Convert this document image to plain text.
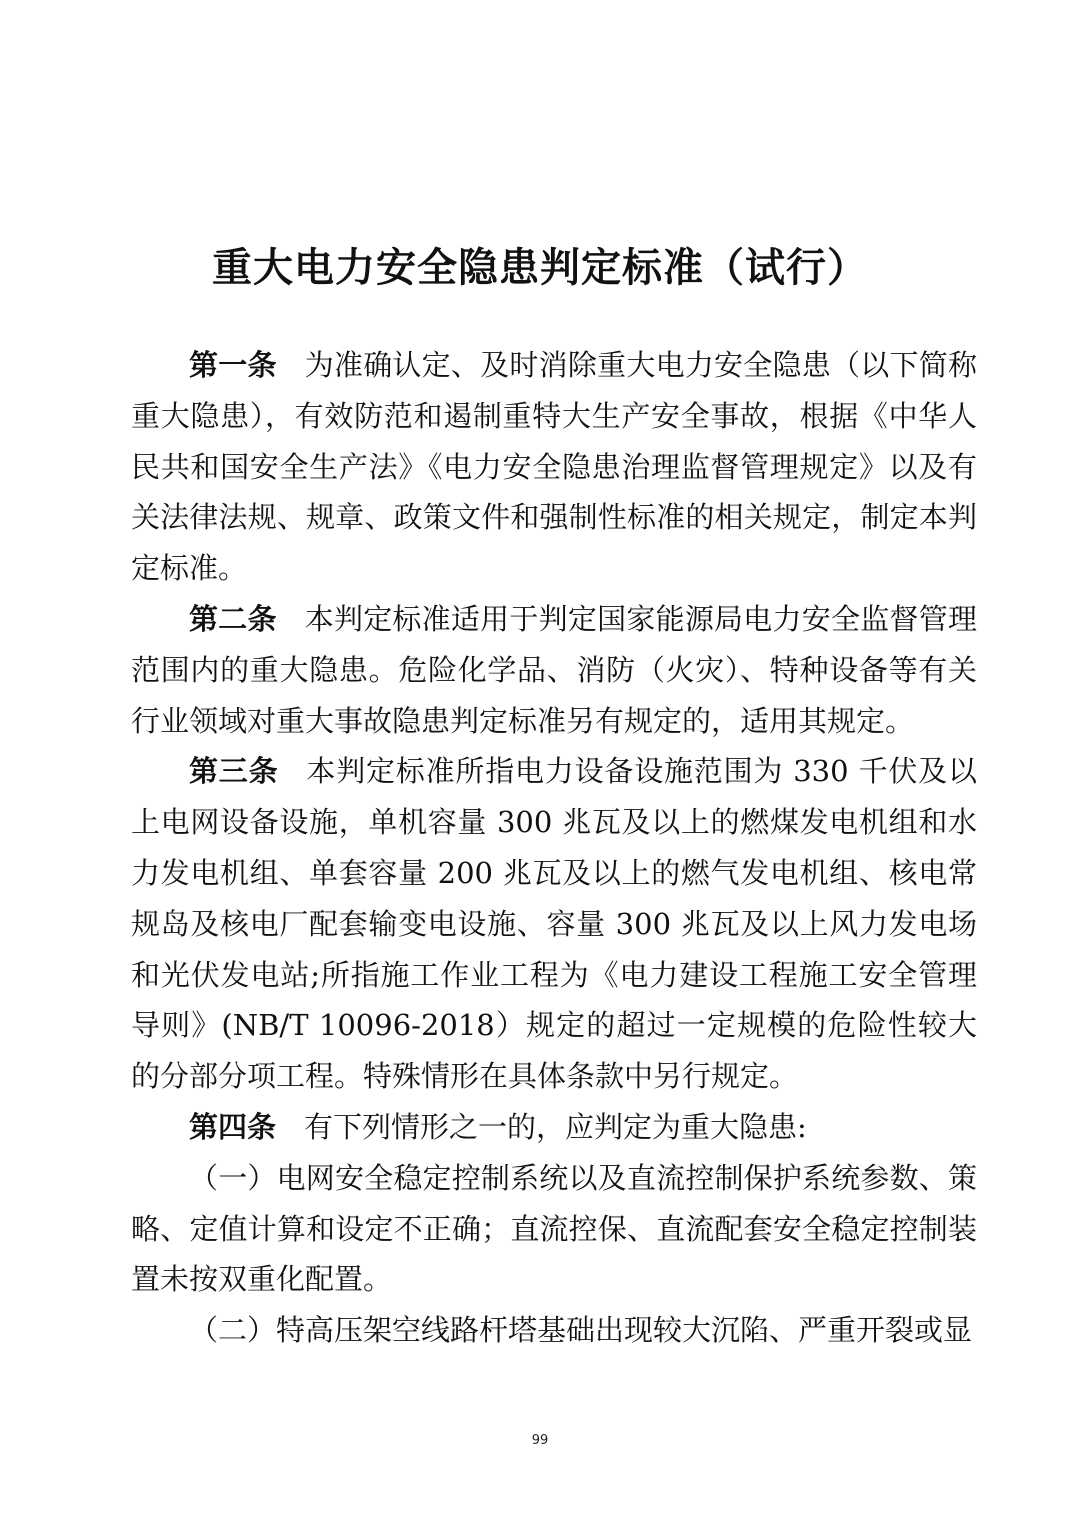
重大电力安全隐患判定标准（试行）

第一条 为准确认定、及时消除重大电力安全隐患（以下简称重大隐患），有效防范和遏制重特大生产安全事故，根据《中华人民共和国安全生产法》《电力安全隐患治理监督管理规定》以及有关法律法规、规章、政策文件和强制性标准的相关规定，制定本判定标准。

第二条 本判定标准适用于判定国家能源局电力安全监督管理范围内的重大隐患。危险化学品、消防（火灾）、特种设备等有关行业领域对重大事故隐患判定标准另有规定的，适用其规定。

第三条 本判定标准所指电力设备设施范围为 330 千伏及以上电网设备设施，单机容量 300 兆瓦及以上的燃煤发电机组和水力发电机组、单套容量 200 兆瓦及以上的燃气发电机组、核电常规岛及核电厂配套输变电设施、容量 300 兆瓦及以上风力发电场和光伏发电站;所指施工作业工程为《电力建设工程施工安全管理导则》(NB/T 10096-2018）规定的超过一定规模的危险性较大的分部分项工程。特殊情形在具体条款中另行规定。

第四条 有下列情形之一的，应判定为重大隐患:

（一）电网安全稳定控制系统以及直流控制保护系统参数、策略、定值计算和设定不正确；直流控保、直流配套安全稳定控制装置未按双重化配置。

（二）特高压架空线路杆塔基础出现较大沉陷、严重开裂或显

99
